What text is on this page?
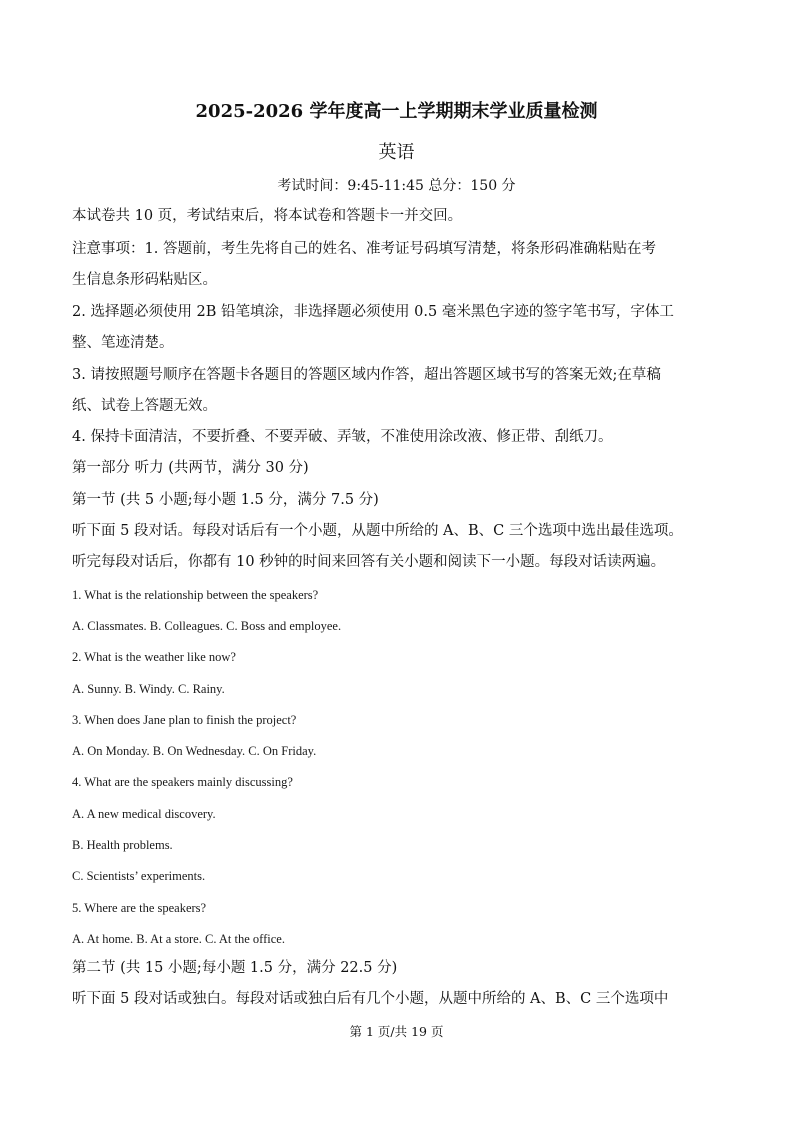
2025-2026 学年度高一上学期期末学业质量检测
英语
考试时间：9:45-11:45 总分：150 分
本试卷共 10 页，考试结束后，将本试卷和答题卡一并交回。
注意事项：1. 答题前，考生先将自己的姓名、准考证号码填写清楚，将条形码准确粘贴在考
生信息条形码粘贴区。
2. 选择题必须使用 2B 铅笔填涂，非选择题必须使用 0.5 毫米黑色字迹的签字笔书写，字体工
整、笔迹清楚。
3. 请按照题号顺序在答题卡各题目的答题区域内作答，超出答题区域书写的答案无效;在草稿
纸、试卷上答题无效。
4. 保持卡面清洁，不要折叠、不要弄破、弄皱，不准使用涂改液、修正带、刮纸刀。
第一部分 听力 (共两节，满分 30 分)
第一节 (共 5 小题;每小题 1.5 分，满分 7.5 分)
听下面 5 段对话。每段对话后有一个小题，从题中所给的 A、B、C 三个选项中选出最佳选项。
听完每段对话后，你都有 10 秒钟的时间来回答有关小题和阅读下一小题。每段对话读两遍。
1. What is the relationship between the speakers?
A. Classmates. B. Colleagues. C. Boss and employee.
2. What is the weather like now?
A. Sunny. B. Windy. C. Rainy.
3. When does Jane plan to finish the project?
A. On Monday. B. On Wednesday. C. On Friday.
4. What are the speakers mainly discussing?
A. A new medical discovery.
B. Health problems.
C. Scientists’ experiments.
5. Where are the speakers?
A. At home. B. At a store. C. At the office.
第二节 (共 15 小题;每小题 1.5 分，满分 22.5 分)
听下面 5 段对话或独白。每段对话或独白后有几个小题，从题中所给的 A、B、C 三个选项中
第 1 页/共 19 页
